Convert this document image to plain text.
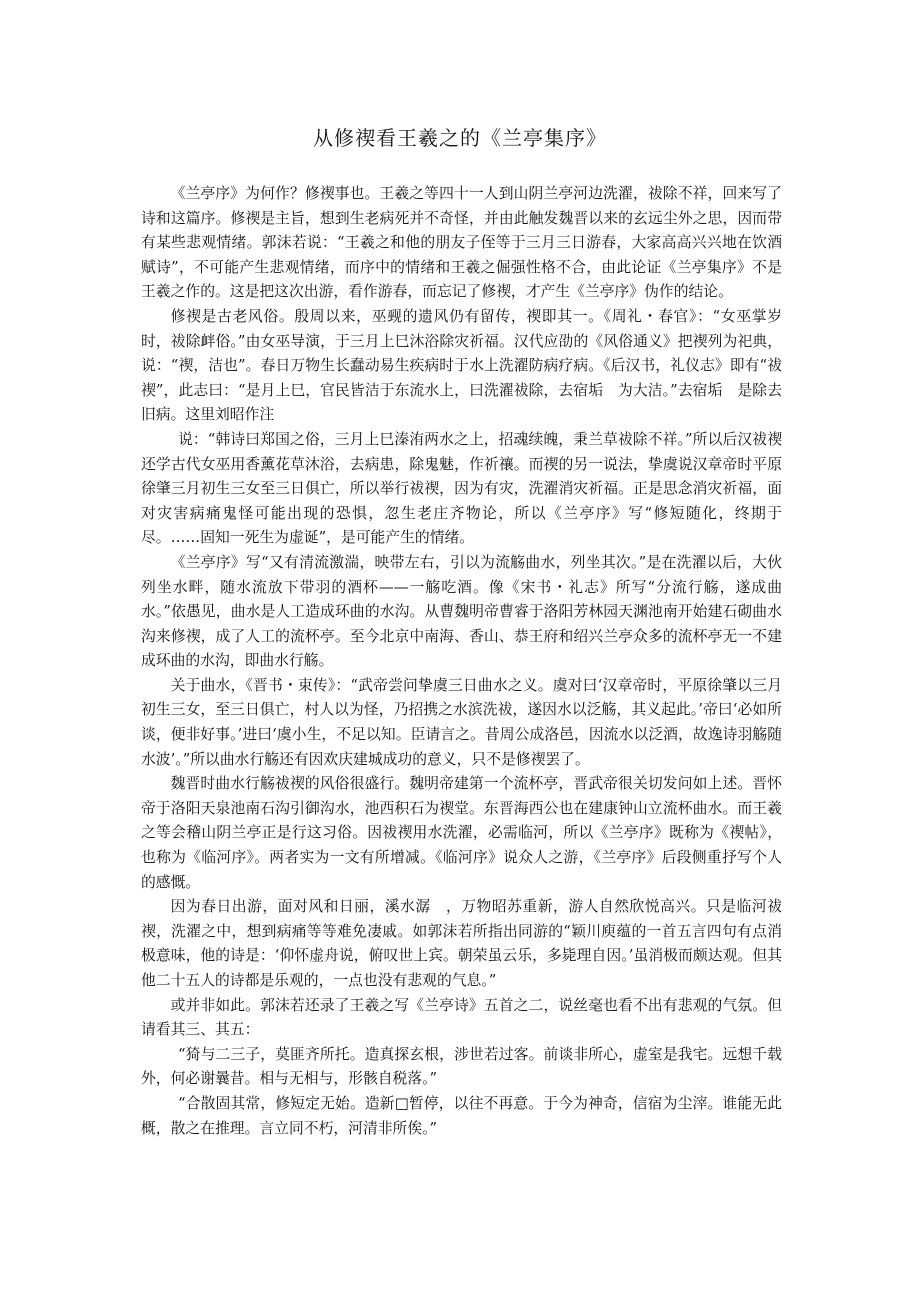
从修禊看王羲之的《兰亭集序》

《兰亭序》为何作？修禊事也。王羲之等四十一人到山阴兰亭河边洗濯，祓除不祥，回来写了诗和这篇序。修禊是主旨，想到生老病死并不奇怪，并由此触发魏晋以来的玄远尘外之思，因而带有某些悲观情绪。郭沫若说：“王羲之和他的朋友子侄等于三月三日游春，大家高高兴兴地在饮酒赋诗”，不可能产生悲观情绪，而序中的情绪和王羲之倔强性格不合，由此论证《兰亭集序》不是王羲之作的。这是把这次出游，看作游春，而忘记了修禊，才产生《兰亭序》伪作的结论。

修禊是古老风俗。殷周以来，巫觋的遗风仍有留传，禊即其一。《周礼・春官》：“女巫掌岁时，祓除衅俗。”由女巫导演，于三月上巳沐浴除灾祈福。汉代应劭的《风俗通义》把禊列为祀典，说：“禊，洁也”。春日万物生长蠢动易生疾病时于水上洗濯防病疗病。《后汉书，礼仪志》即有“祓禊”，此志曰：“是月上巳，官民皆洁于东流水上，曰洗濯祓除，去宿垢　为大洁。”去宿垢　是除去旧病。这里刘昭作注

说：“韩诗曰郑国之俗，三月上巳溱洧两水之上，招魂续魄，秉兰草祓除不祥。”所以后汉祓禊还学古代女巫用香薰花草沐浴，去病患，除鬼魅，作祈禳。而禊的另一说法，挚虞说汉章帝时平原徐肇三月初生三女至三日俱亡，所以举行祓禊，因为有灾，洗濯消灾祈福。正是思念消灾祈福，面对灾害病痛鬼怪可能出现的恐惧，忽生老庄齐物论，所以《兰亭序》写“修短随化，终期于尽。……固知一死生为虚诞”，是可能产生的情绪。

《兰亭序》写“又有清流激湍，映带左右，引以为流觞曲水，列坐其次。”是在洗濯以后，大伙列坐水畔，随水流放下带羽的酒杯——一觞吃酒。像《宋书・礼志》所写“分流行觞，遂成曲水。”依愚见，曲水是人工造成环曲的水沟。从曹魏明帝曹睿于洛阳芳林园天渊池南开始建石砌曲水沟来修禊，成了人工的流杯亭。至今北京中南海、香山、恭王府和绍兴兰亭众多的流杯亭无一不建成环曲的水沟，即曲水行觞。

关于曲水，《晋书・束传》：“武帝尝问挚虞三日曲水之义。虞对曰‘汉章帝时，平原徐肇以三月初生三女，至三日俱亡，村人以为怪，乃招携之水滨洗祓，遂因水以泛觞，其义起此。’帝曰‘必如所谈，便非好事。’进曰‘虞小生，不足以知。臣请言之。昔周公成洛邑，因流水以泛酒，故逸诗羽觞随水波’。”所以曲水行觞还有因欢庆建城成功的意义，只不是修禊罢了。

魏晋时曲水行觞祓禊的风俗很盛行。魏明帝建第一个流杯亭，晋武帝很关切发问如上述。晋怀帝于洛阳天泉池南石沟引御沟水，池西积石为禊堂。东晋海西公也在建康钟山立流杯曲水。而王羲之等会稽山阴兰亭正是行这习俗。因祓禊用水洗濯，必需临河，所以《兰亭序》既称为《禊帖》，也称为《临河序》。两者实为一文有所增减。《临河序》说众人之游，《兰亭序》后段侧重抒写个人的感慨。

因为春日出游，面对风和日丽，溪水潺　，万物昭苏重新，游人自然欣悦高兴。只是临河祓禊，洗濯之中，想到病痛等等难免凄戚。如郭沫若所指出同游的“颖川庾蕴的一首五言四句有点消极意味，他的诗是：‘仰怀虚舟说，俯叹世上宾。朝荣虽云乐，多毙理自因。’虽消极而颇达观。但其他二十五人的诗都是乐观的，一点也没有悲观的气息。”

或并非如此。郭沫若还录了王羲之写《兰亭诗》五首之二，说丝毫也看不出有悲观的气氛。但请看其三、其五：

“猗与二三子，莫匪齐所托。造真探玄根，涉世若过客。前谈非所心，虚室是我宅。远想千载外，何必谢曩昔。相与无相与，形骸自税落。”

“合散固其常，修短定无始。造新□暂停，以往不再意。于今为神奇，信宿为尘滓。谁能无此概，散之在推理。言立同不朽，河清非所俟。”
